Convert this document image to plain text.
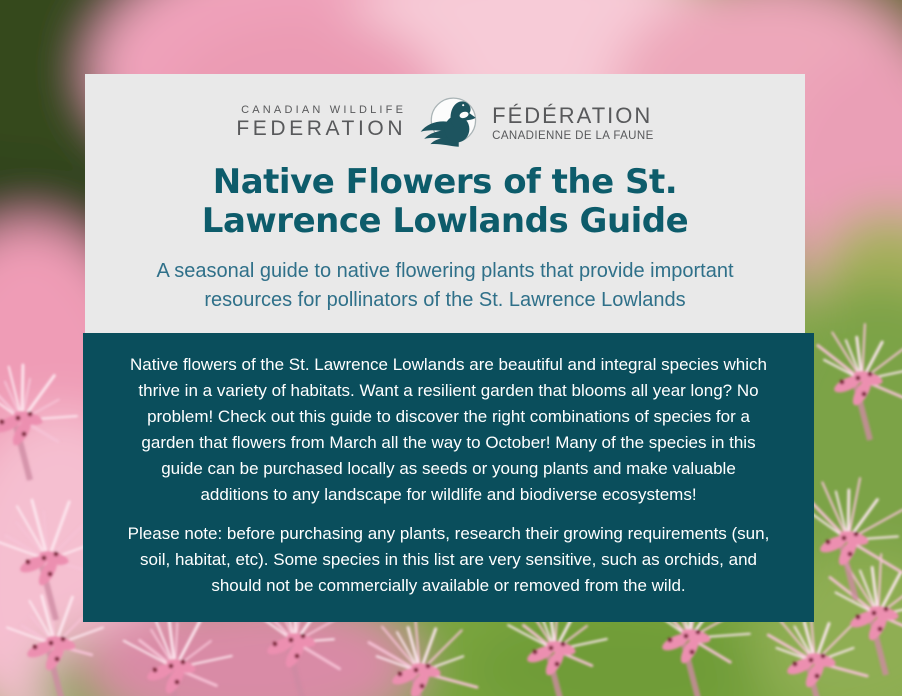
CANADIAN WILDLIFE
FEDERATION
FÉDÉRATION
CANADIENNE DE LA FAUNE
Native Flowers of the St.
Lawrence Lowlands Guide

A seasonal guide to native flowering plants that provide important
resources for pollinators of the St. Lawrence Lowlands

Native flowers of the St. Lawrence Lowlands are beautiful and integral species which thrive in a variety of habitats. Want a resilient garden that blooms all year long? No problem! Check out this guide to discover the right combinations of species for a garden that flowers from March all the way to October! Many of the species in this guide can be purchased locally as seeds or young plants and make valuable additions to any landscape for wildlife and biodiverse ecosystems!

Please note: before purchasing any plants, research their growing requirements (sun, soil, habitat, etc). Some species in this list are very sensitive, such as orchids, and should not be commercially available or removed from the wild.
